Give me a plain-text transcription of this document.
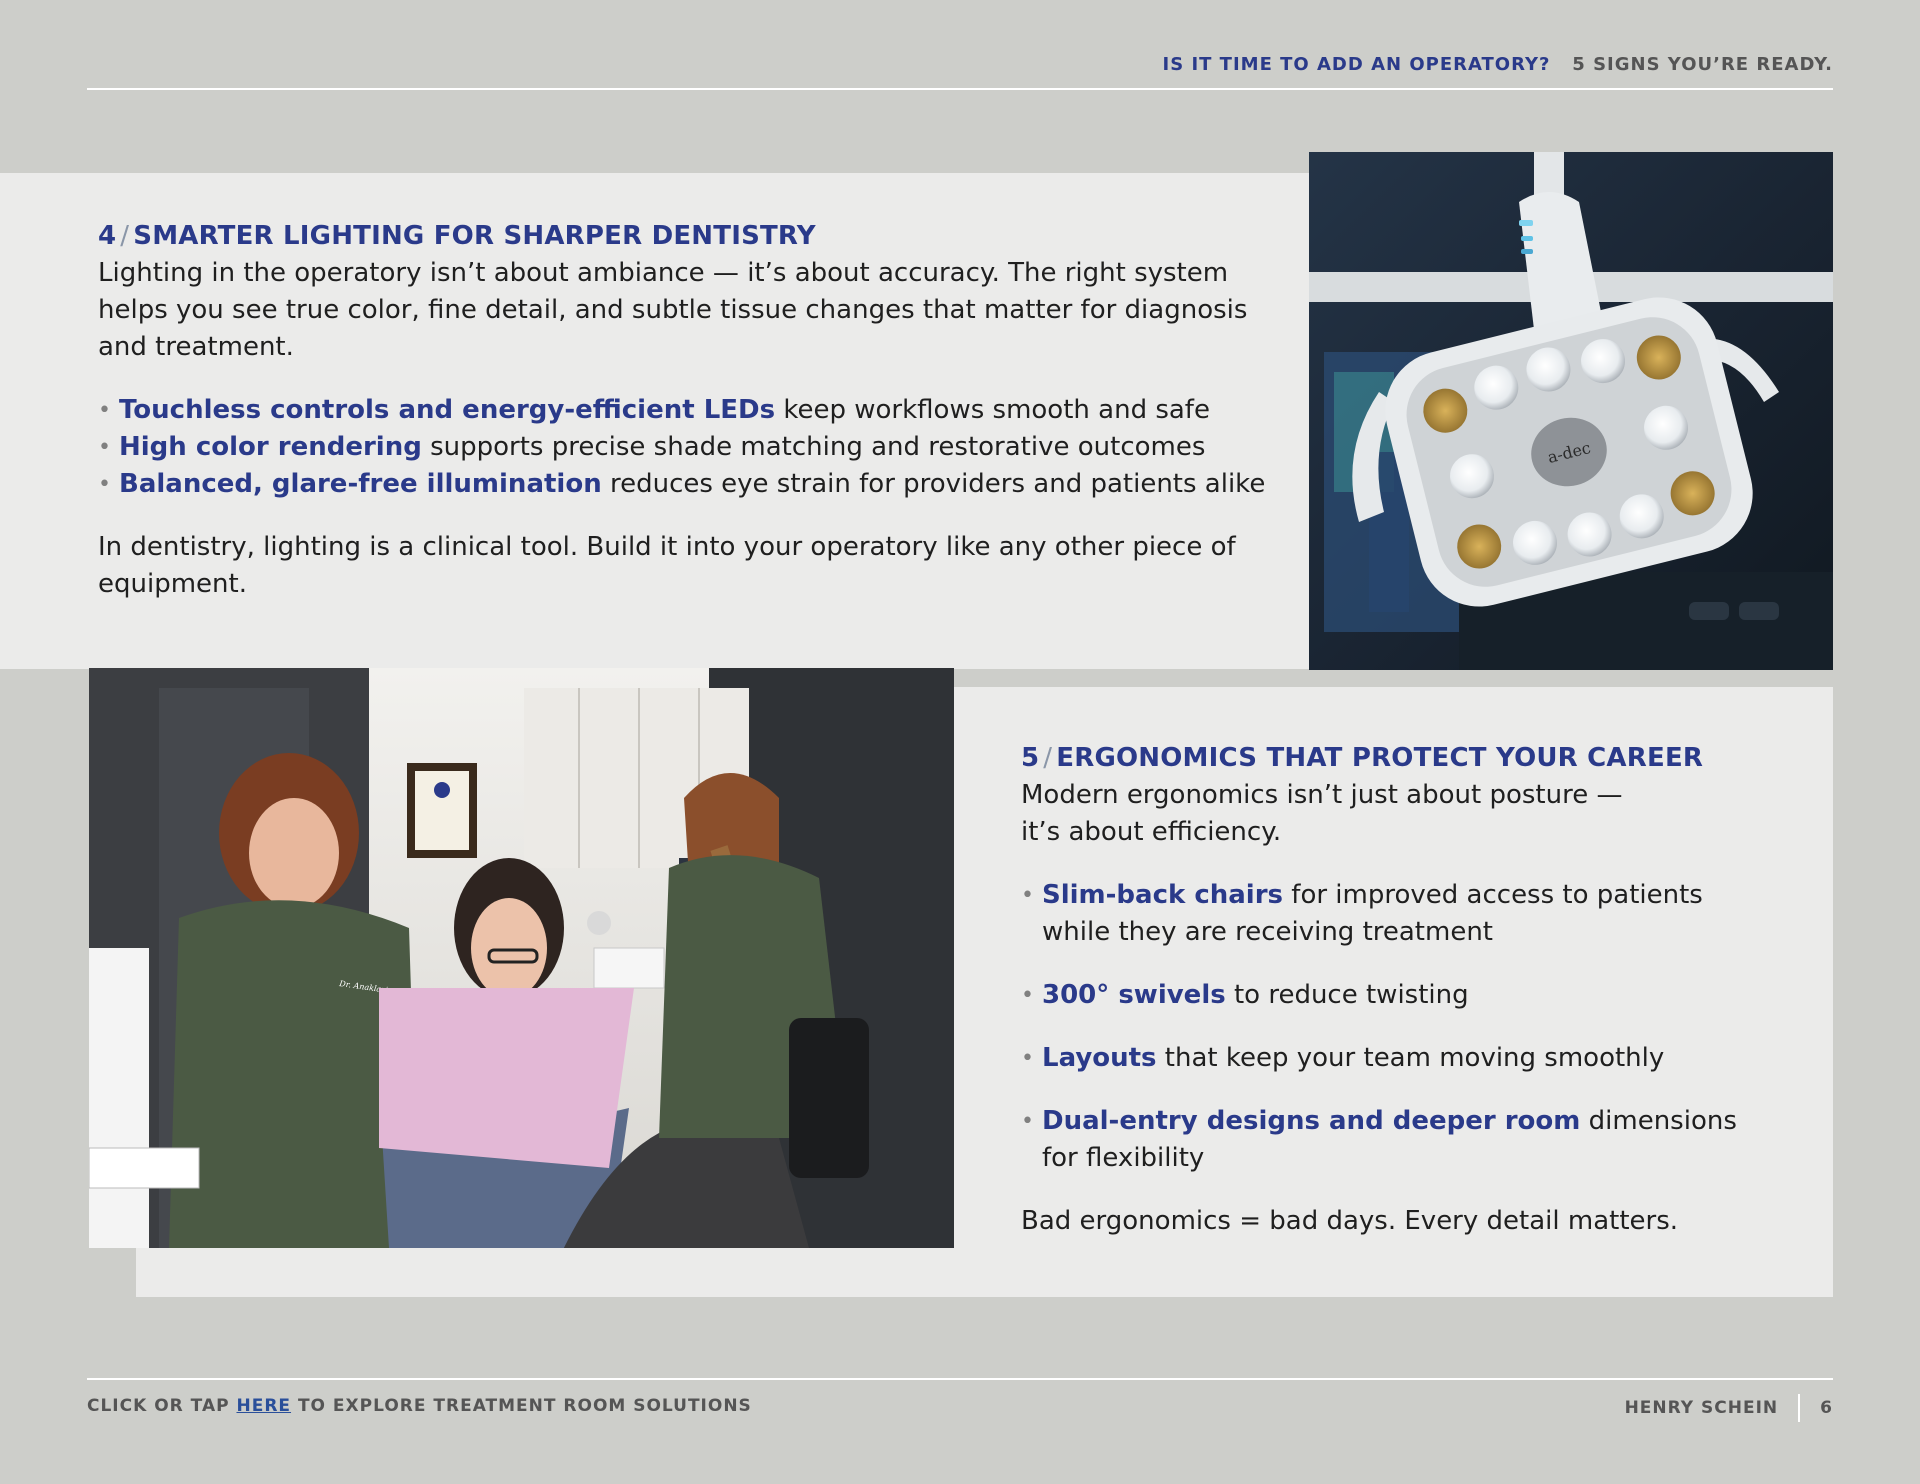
IS IT TIME TO ADD AN OPERATORY? 5 SIGNS YOU’RE READY.
a-dec
Dr. Anaklaria
4 / SMARTER LIGHTING FOR SHARPER DENTISTRY

Lighting in the operatory isn’t about ambiance — it’s about accuracy. The right system helps you see true color, fine detail, and subtle tissue changes that matter for diagnosis and treatment.

• Touchless controls and energy-efficient LEDs keep workflows smooth and safe
• High color rendering supports precise shade matching and restorative outcomes
• Balanced, glare-free illumination reduces eye strain for providers and patients alike

In dentistry, lighting is a clinical tool. Build it into your operatory like any other piece of equipment.

5 / ERGONOMICS THAT PROTECT YOUR CAREER

Modern ergonomics isn’t just about posture —
it’s about efficiency.

• Slim-back chairs for improved access to patients while they are receiving treatment
• 300° swivels to reduce twisting
• Layouts that keep your team moving smoothly
• Dual-entry designs and deeper room dimensions for flexibility

Bad ergonomics = bad days. Every detail matters.

CLICK OR TAP HERE TO EXPLORE TREATMENT ROOM SOLUTIONS	HENRY SCHEIN 6
